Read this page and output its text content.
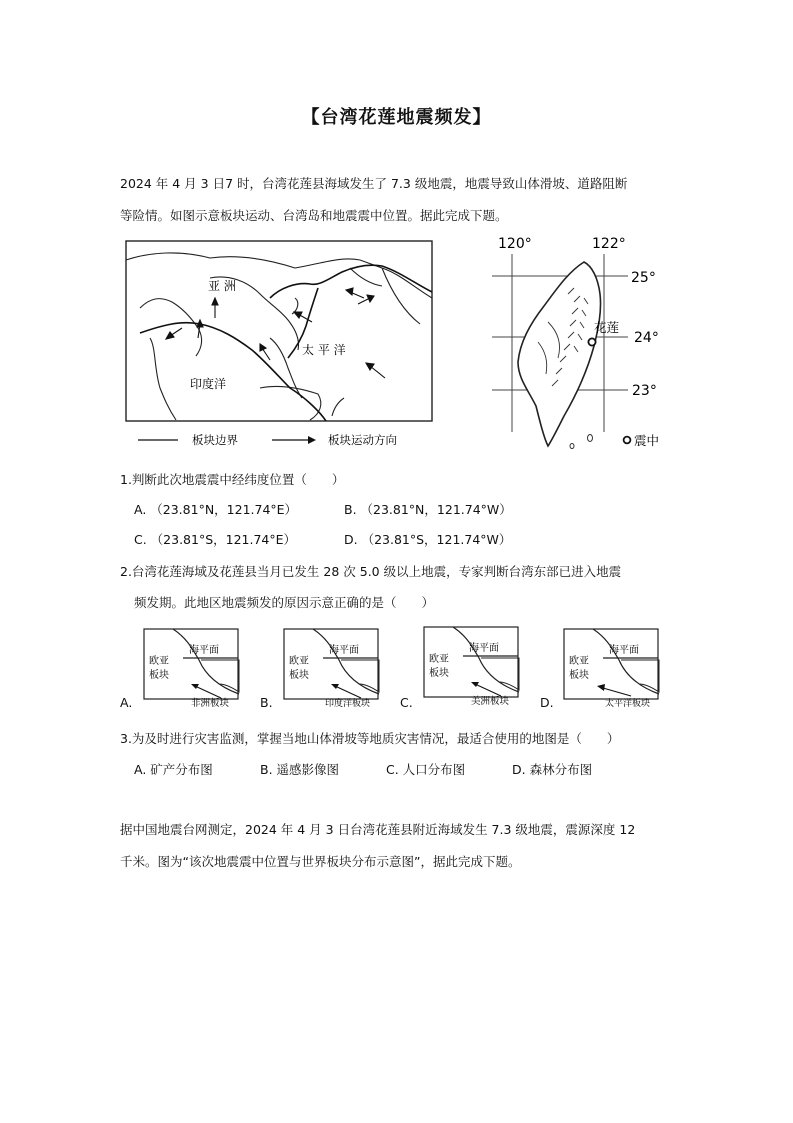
【台湾花莲地震频发】
2024 年 4 月 3 日7 时，台湾花莲县海域发生了 7.3 级地震，地震导致山体滑坡、道路阻断
等险情。如图示意板块运动、台湾岛和地震震中位置。据此完成下题。
亚 洲
太 平 洋
印度洋
板块边界	板块运动方向
120°	122°
25°
24°
23°
花莲
震中
1.判断此次地震震中经纬度位置（　　）
A. （23.81°N，121.74°E）	B. （23.81°N，121.74°W）
C. （23.81°S，121.74°E）	D. （23.81°S，121.74°W）
2.台湾花莲海域及花莲县当月已发生 28 次 5.0 级以上地震，专家判断台湾东部已进入地震
频发期。此地区地震频发的原因示意正确的是（　　）
A.
海平面
欧亚
板块
非洲板块 B.
海平面
欧亚
板块
印度洋板块 C.
海平面
欧亚
板块
美洲板块 D.
海平面
欧亚
板块
太平洋板块
3.为及时进行灾害监测，掌握当地山体滑坡等地质灾害情况，最适合使用的地图是（　　）
A. 矿产分布图	B. 遥感影像图	C. 人口分布图	D. 森林分布图
据中国地震台网测定，2024 年 4 月 3 日台湾花莲县附近海域发生 7.3 级地震，震源深度 12
千米。图为“该次地震震中位置与世界板块分布示意图”，据此完成下题。
